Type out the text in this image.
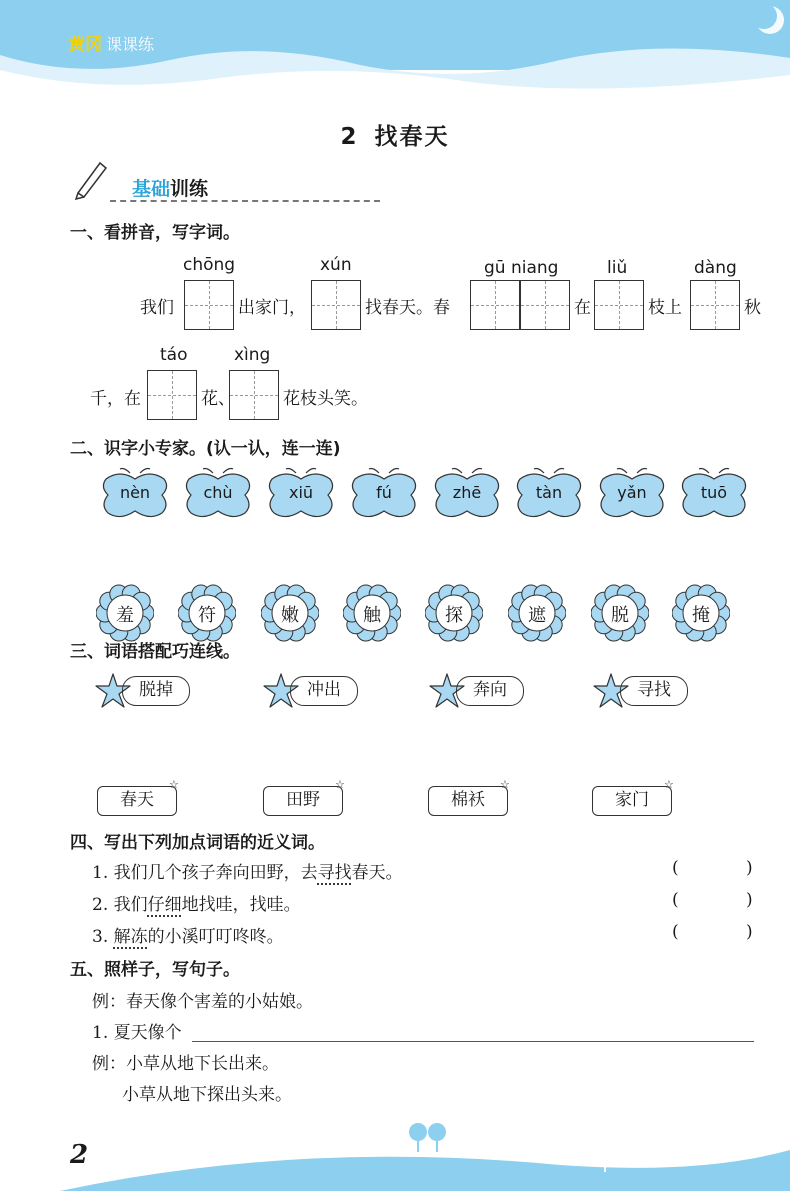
黄冈 课课练
2 找春天
基础训练
一、看拼音，写字词。
chōng	xún	gū niang	liǔ	dàng
我们	出家门，	找春天。春	在	枝上	秋
táo	xìng
千，在	花、	花枝头笑。
二、识字小专家。(认一认，连一连)
nèn	chù	xiū	fú	zhē	tàn	yǎn	tuō
羞	符	嫩	触	探	遮	脱	掩
三、词语搭配巧连线。
脱掉	冲出	奔向	寻找
春天
☆
田野
☆
棉袄
☆
家门
☆
四、写出下列加点词语的近义词。
1. 我们几个孩子奔向田野，去寻找春天。	(	)
2. 我们仔细地找哇，找哇。	(	)
3. 解冻的小溪叮叮咚咚。	(	)
五、照样子，写句子。
例：春天像个害羞的小姑娘。
1. 夏天像个
例：小草从地下长出来。
小草从地下探出头来。
2
